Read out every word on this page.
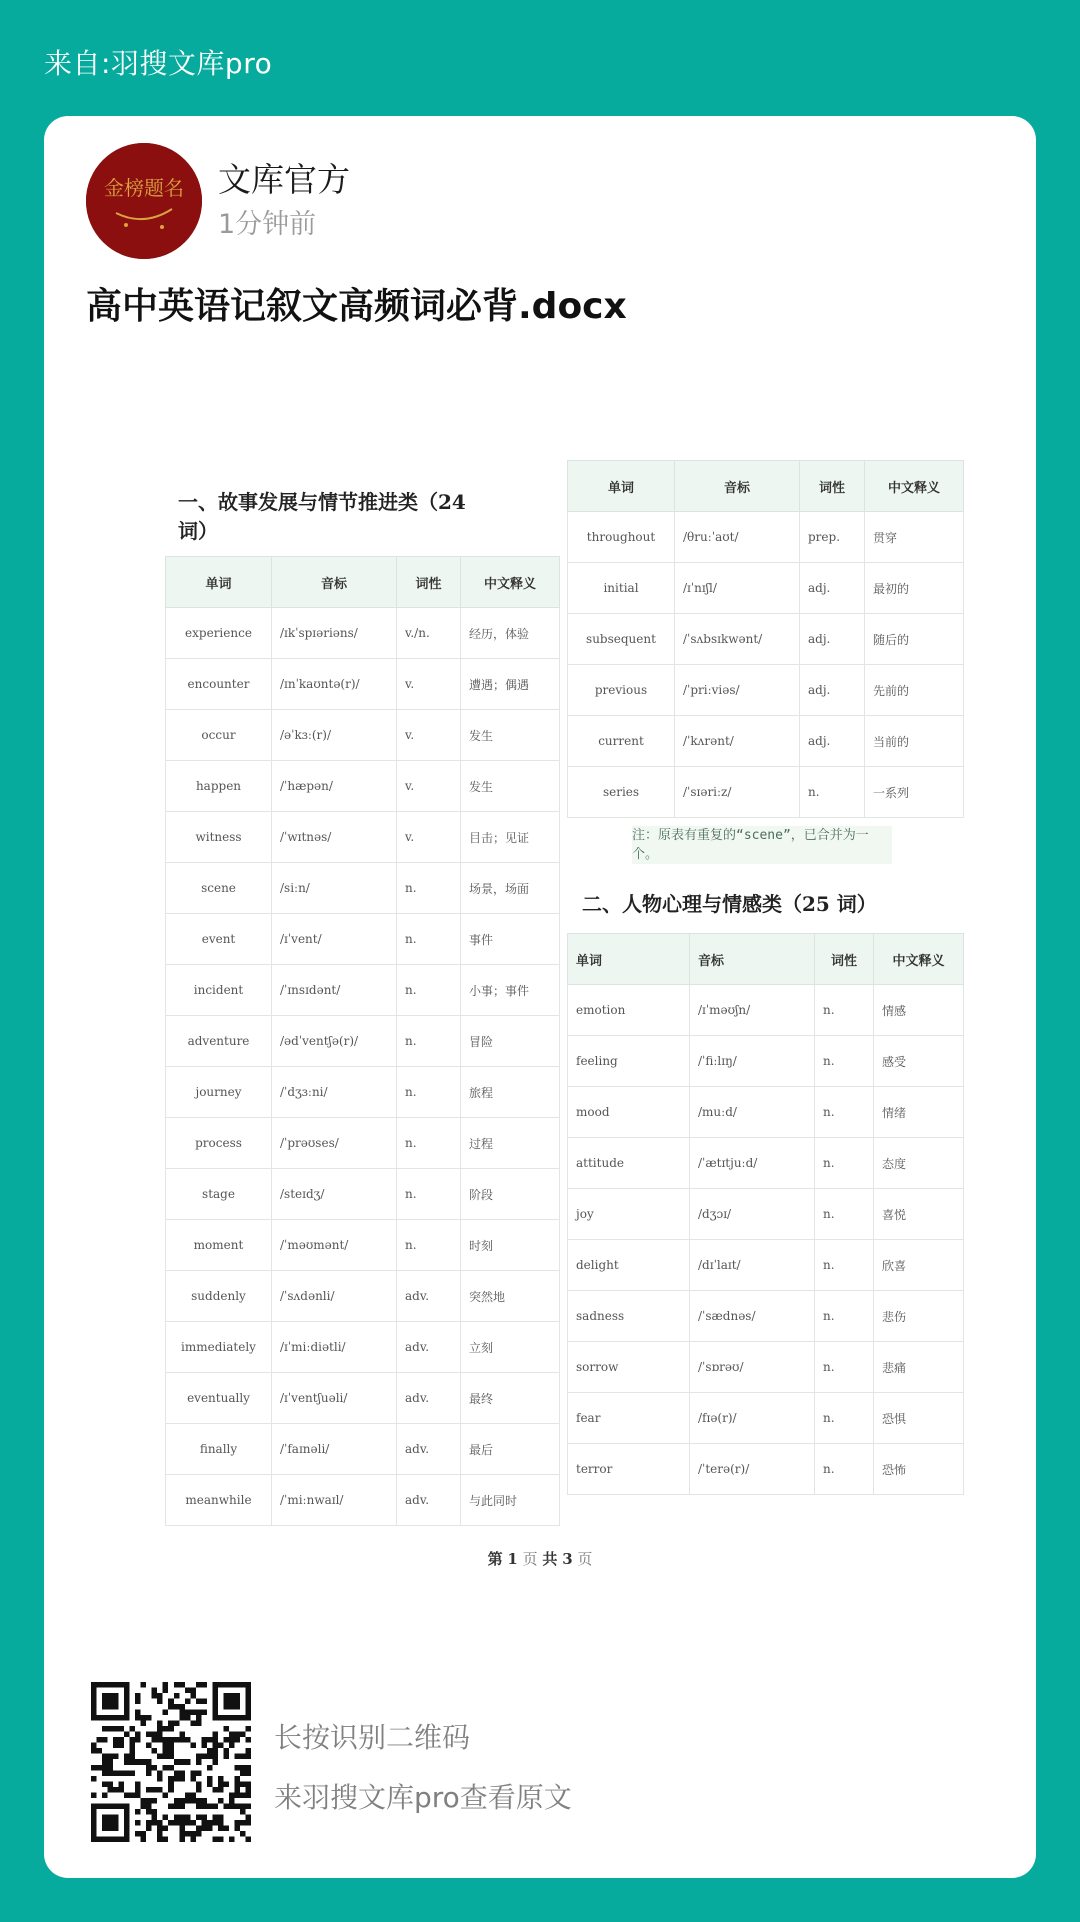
来自:羽搜文库pro
金榜题名 文库官方
1分钟前
高中英语记叙文高频词必背.docx
一、故事发展与情节推进类（24 词）
单词	音标	词性	中文释义
experience	/ɪkˈspɪəriəns/	v./n.	经历，体验
encounter	/ɪnˈkaʊntə(r)/	v.	遭遇；偶遇
occur	/əˈkɜː(r)/	v.	发生
happen	/ˈhæpən/	v.	发生
witness	/ˈwɪtnəs/	v.	目击；见证
scene	/siːn/	n.	场景，场面
event	/ɪˈvent/	n.	事件
incident	/ˈɪnsɪdənt/	n.	小事；事件
adventure	/ədˈventʃə(r)/	n.	冒险
journey	/ˈdʒɜːni/	n.	旅程
process	/ˈprəʊses/	n.	过程
stage	/steɪdʒ/	n.	阶段
moment	/ˈməʊmənt/	n.	时刻
suddenly	/ˈsʌdənli/	adv.	突然地
immediately	/ɪˈmiːdiətli/	adv.	立刻
eventually	/ɪˈventʃuəli/	adv.	最终
finally	/ˈfaɪnəli/	adv.	最后
meanwhile	/ˈmiːnwaɪl/	adv.	与此同时
单词	音标	词性	中文释义
throughout	/θruːˈaʊt/	prep.	贯穿
initial	/ɪˈnɪʃl/	adj.	最初的
subsequent	/ˈsʌbsɪkwənt/	adj.	随后的
previous	/ˈpriːviəs/	adj.	先前的
current	/ˈkʌrənt/	adj.	当前的
series	/ˈsɪəriːz/	n.	一系列
注：原表有重复的“scene”，已合并为一个。
二、人物心理与情感类（25 词）
单词	音标	词性	中文释义
emotion	/ɪˈməʊʃn/	n.	情感
feeling	/ˈfiːlɪŋ/	n.	感受
mood	/muːd/	n.	情绪
attitude	/ˈætɪtjuːd/	n.	态度
joy	/dʒɔɪ/	n.	喜悦
delight	/dɪˈlaɪt/	n.	欣喜
sadness	/ˈsædnəs/	n.	悲伤
sorrow	/ˈsɒrəʊ/	n.	悲痛
fear	/fɪə(r)/	n.	恐惧
terror	/ˈterə(r)/	n.	恐怖
第 1 页 共 3 页
长按识别二维码
来羽搜文库pro查看原文
